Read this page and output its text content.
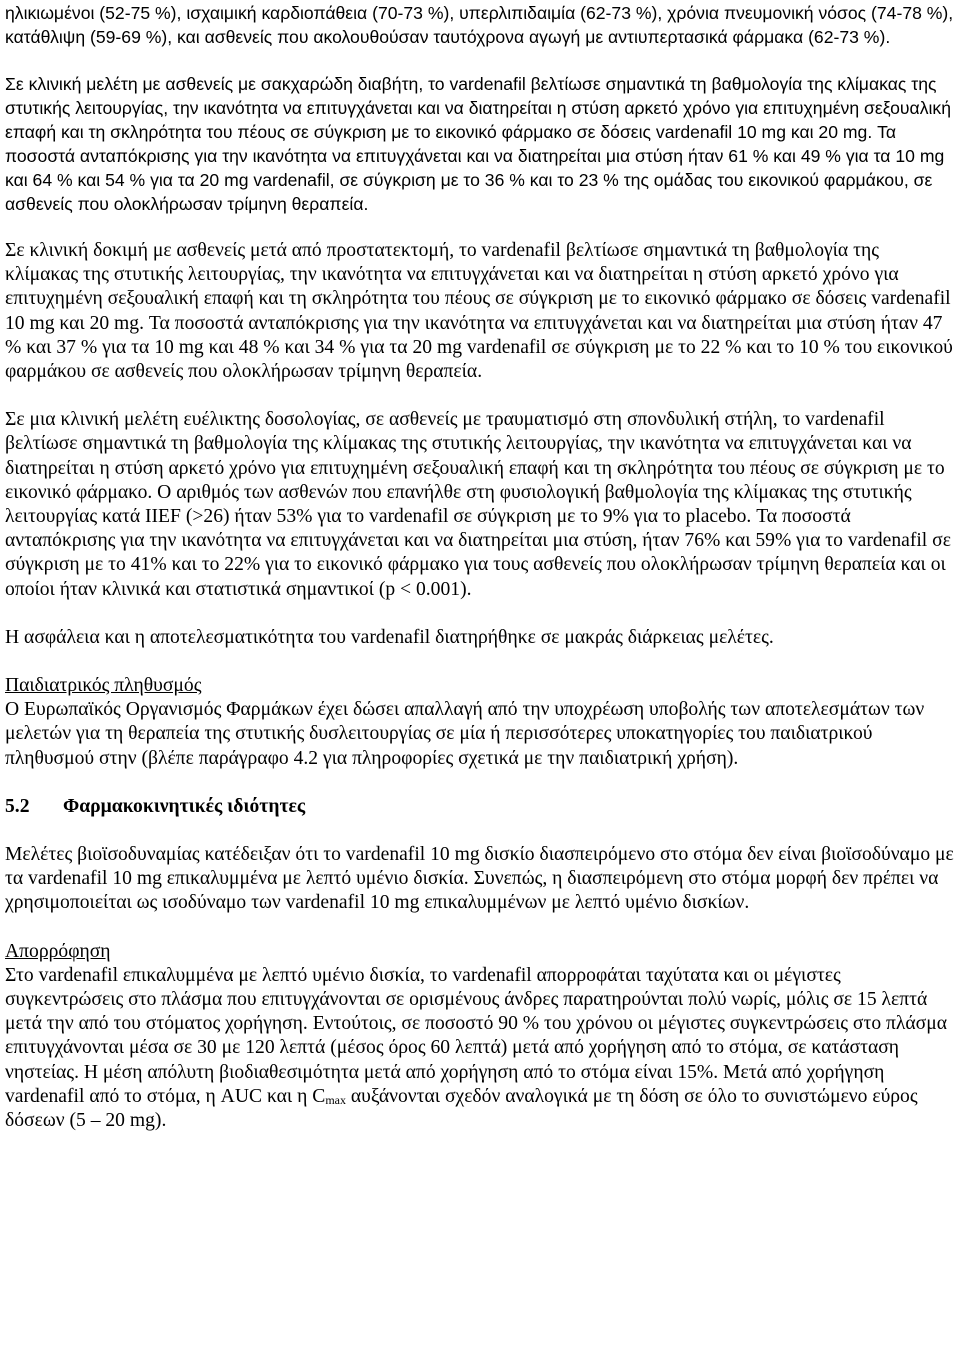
ηλικιωμένοι (52-75 %), ισχαιμική καρδιοπάθεια (70-73 %), υπερλιπιδαιμία (62-73 %), χρόνια πνευμονική νόσος (74-78 %), κατάθλιψη (59-69 %), και ασθενείς που ακολουθούσαν ταυτόχρονα αγωγή με αντιυπερτασικά φάρμακα (62-73 %).

Σε κλινική μελέτη με ασθενείς με σακχαρώδη διαβήτη, το vardenafil βελτίωσε σημαντικά τη βαθμολογία της κλίμακας της στυτικής λειτουργίας, την ικανότητα να επιτυγχάνεται και να διατηρείται η στύση αρκετό χρόνο για επιτυχημένη σεξουαλική επαφή και τη σκληρότητα του πέους σε σύγκριση με το εικονικό φάρμακο σε δόσεις vardenafil 10 mg και 20 mg. Τα ποσοστά ανταπόκρισης για την ικανότητα να επιτυγχάνεται και να διατηρείται μια στύση ήταν 61 % και 49 % για τα 10 mg και 64 % και 54 % για τα 20 mg vardenafil, σε σύγκριση με το 36 % και το 23 % της ομάδας του εικονικού φαρμάκου, σε ασθενείς που ολοκλήρωσαν τρίμηνη θεραπεία.

Σε κλινική δοκιμή με ασθενείς μετά από προστατεκτομή, το vardenafil βελτίωσε σημαντικά τη βαθμολογία της κλίμακας της στυτικής λειτουργίας, την ικανότητα να επιτυγχάνεται και να διατηρείται η στύση αρκετό χρόνο για επιτυχημένη σεξουαλική επαφή και τη σκληρότητα του πέους σε σύγκριση με το εικονικό φάρμακο σε δόσεις vardenafil 10 mg και 20 mg. Τα ποσοστά ανταπόκρισης για την ικανότητα να επιτυγχάνεται και να διατηρείται μια στύση ήταν 47 % και 37 % για τα 10 mg και 48 % και 34 % για τα 20 mg vardenafil σε σύγκριση με το 22 % και το 10 % του εικονικού φαρμάκου σε ασθενείς που ολοκλήρωσαν τρίμηνη θεραπεία.

Σε μια κλινική μελέτη ευέλικτης δοσολογίας, σε ασθενείς με τραυματισμό στη σπονδυλική στήλη, το vardenafil βελτίωσε σημαντικά τη βαθμολογία της κλίμακας της στυτικής λειτουργίας, την ικανότητα να επιτυγχάνεται και να διατηρείται η στύση αρκετό χρόνο για επιτυχημένη σεξουαλική επαφή και τη σκληρότητα του πέους σε σύγκριση με το εικονικό φάρμακο. Ο αριθμός των ασθενών που επανήλθε στη φυσιολογική βαθμολογία της κλίμακας της στυτικής λειτουργίας κατά IIEF (>26) ήταν 53% για το vardenafil σε σύγκριση με το 9% για το placebo. Τα ποσοστά ανταπόκρισης για την ικανότητα να επιτυγχάνεται και να διατηρείται μια στύση, ήταν 76% και 59% για το vardenafil σε σύγκριση με το 41% και το 22% για το εικονικό φάρμακο για τους ασθενείς που ολοκλήρωσαν τρίμηνη θεραπεία και οι οποίοι ήταν κλινικά και στατιστικά σημαντικοί (p < 0.001).

Η ασφάλεια και η αποτελεσματικότητα του vardenafil διατηρήθηκε σε μακράς διάρκειας μελέτες.

Παιδιατρικός πληθυσμός

Ο Ευρωπαϊκός Οργανισμός Φαρμάκων έχει δώσει απαλλαγή από την υποχρέωση υποβολής των αποτελεσμάτων των μελετών για τη θεραπεία της στυτικής δυσλειτουργίας σε μία ή περισσότερες υποκατηγορίες του παιδιατρικού πληθυσμού στην (βλέπε παράγραφο 4.2 για πληροφορίες σχετικά με την παιδιατρική χρήση).

5.2	Φαρμακοκινητικές ιδιότητες

Μελέτες βιοϊσοδυναμίας κατέδειξαν ότι το vardenafil 10 mg δισκίο διασπειρόμενο στο στόμα δεν είναι βιοϊσοδύναμο με τα vardenafil 10 mg επικαλυμμένα με λεπτό υμένιο δισκία. Συνεπώς, η διασπειρόμενη στο στόμα μορφή δεν πρέπει να χρησιμοποιείται ως ισοδύναμο των vardenafil 10 mg επικαλυμμένων με λεπτό υμένιο δισκίων.

Απορρόφηση

Στο vardenafil επικαλυμμένα με λεπτό υμένιο δισκία, το vardenafil απορροφάται ταχύτατα και οι μέγιστες συγκεντρώσεις στο πλάσμα που επιτυγχάνονται σε ορισμένους άνδρες παρατηρούνται πολύ νωρίς, μόλις σε 15 λεπτά μετά την από του στόματος χορήγηση. Εντούτοις, σε ποσοστό 90 % του χρόνου οι μέγιστες συγκεντρώσεις στο πλάσμα επιτυγχάνονται μέσα σε 30 με 120 λεπτά (μέσος όρος 60 λεπτά) μετά από χορήγηση από το στόμα, σε κατάσταση νηστείας. Η μέση απόλυτη βιοδιαθεσιμότητα μετά από χορήγηση από το στόμα είναι 15%. Μετά από χορήγηση vardenafil από το στόμα, η AUC και η $C_{max}$ αυξάνονται σχεδόν αναλογικά με τη δόση σε όλο το συνιστώμενο εύρος δόσεων (5 – 20 mg).
